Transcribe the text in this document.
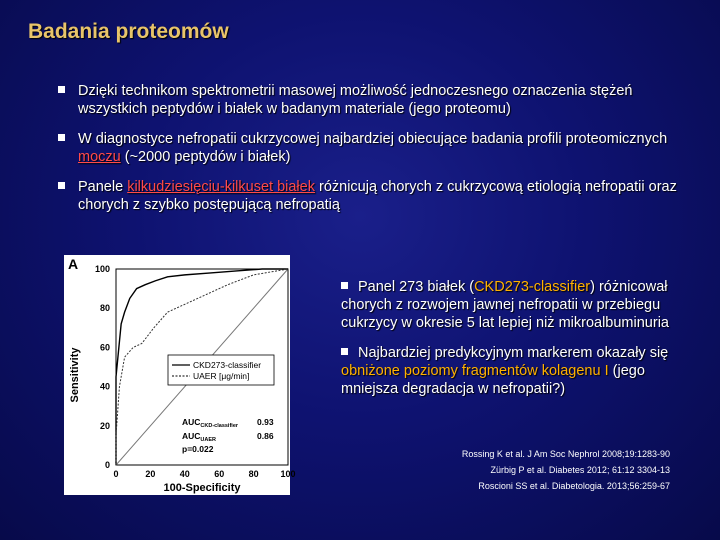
Badania proteomów
Dzięki technikom spektrometrii masowej możliwość jednoczesnego oznaczenia stężeń wszystkich peptydów i białek w badanym materiale (jego proteomu)
W diagnostyce nefropatii cukrzycowej najbardziej obiecujące badania profili proteomicznych moczu (~2000 peptydów i białek)
Panele kilkudziesięciu-kilkuset białek różnicują chorych z cukrzycową etiologią nefropatii oraz chorych z szybko postępującą nefropatią
A
Sensitivity
100-Specificity
0	20	40	60	80 100
100
80
60
40
20
0
CKD273-classifier
UAER [μg/min]
$AUC_{CKD-classifier}$
$AUC_{UAER}$
0.93
0.86
p=0.022
Panel 273 białek (CKD273-classifier) różnicował chorych z rozwojem jawnej nefropatii w przebiegu cukrzycy w okresie 5 lat lepiej niż mikroalbuminuria
Najbardziej predykcyjnym markerem okazały się obniżone poziomy fragmentów kolagenu I (jego mniejsza degradacja w nefropatii?)
Rossing K et al. J Am Soc Nephrol 2008;19:1283-90
Zürbig P et al. Diabetes 2012; 61:12 3304-13
Roscioni SS et al. Diabetologia. 2013;56:259-67
